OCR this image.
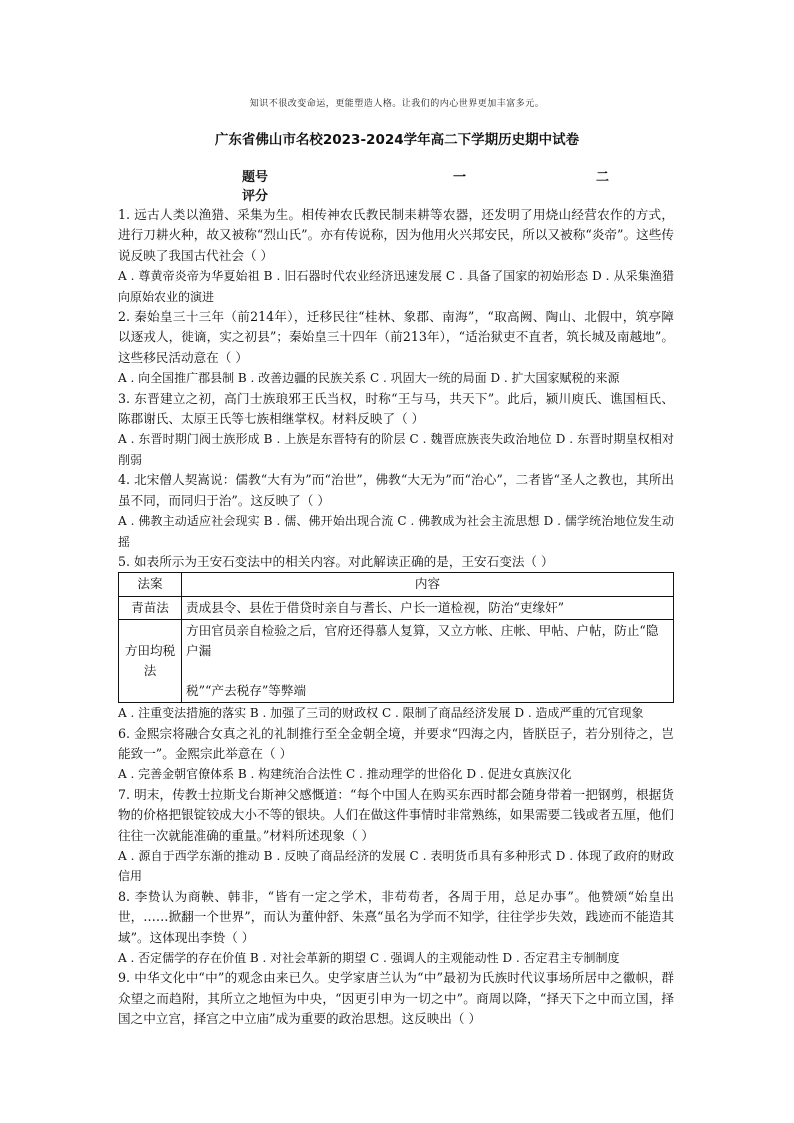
知识不很改变命运，更能塑造人格。让我们的内心世界更加丰富多元。
广东省佛山市名校2023-2024学年高二下学期历史期中试卷
题号	一	二
评分

1. 远古人类以渔猎、采集为生。相传神农氏教民制耒耕等农器，还发明了用烧山经营农作的方式，进行刀耕火种，故又被称“烈山氏”。亦有传说称，因为他用火兴邦安民，所以又被称“炎帝”。这些传说反映了我国古代社会（ ）

A . 尊黄帝炎帝为华夏始祖 B . 旧石器时代农业经济迅速发展 C . 具备了国家的初始形态 D . 从采集渔猎向原始农业的演进

2. 秦始皇三十三年（前214年），迁移民往“桂林、象郡、南海”，“取高阙、陶山、北假中，筑亭障以逐戎人，徙谪，实之初县”；秦始皇三十四年（前213年），“适治狱吏不直者，筑长城及南越地”。这些移民活动意在（ ）

A . 向全国推广郡县制 B . 改善边疆的民族关系 C . 巩固大一统的局面 D . 扩大国家赋税的来源

3. 东晋建立之初，高门士族琅邪王氏当权，时称“王与马，共天下”。此后，颍川庾氏、谯国桓氏、陈郡谢氏、太原王氏等七族相继掌权。材料反映了（ ）

A . 东晋时期门阀士族形成 B . 上族是东晋特有的阶层 C . 魏晋庶族丧失政治地位 D . 东晋时期皇权相对削弱

4. 北宋僧人契嵩说：儒教“大有为”而“治世”，佛教“大无为”而“治心”，二者皆“圣人之教也，其所出虽不同，而同归于治”。这反映了（ ）

A . 佛教主动适应社会现实 B . 儒、佛开始出现合流 C . 佛教成为社会主流思想 D . 儒学统治地位发生动摇

5. 如表所示为王安石变法中的相关内容。对此解读正确的是，王安石变法（ ）

法案	内容
青苗法	责成县令、县佐于借贷时亲自与耆长、户长一道检视，防治“吏缘奸”
方田均税法	方田官员亲自检验之后，官府还得慕人复算，又立方帐、庄帐、甲帖、户帖，防止“隐户漏
税”“产去税存”等弊端

A . 注重变法措施的落实 B . 加强了三司的财政权 C . 限制了商品经济发展 D . 造成严重的冗官现象

6. 金熙宗将融合女真之礼的礼制推行至全金朝全境，并要求“四海之内，皆朕臣子，若分别待之，岂能致一”。金熙宗此举意在（ ）

A . 完善金朝官僚体系 B . 构建统治合法性 C . 推动理学的世俗化 D . 促进女真族汉化

7. 明末，传教士拉斯戈台斯神父感慨道：“每个中国人在购买东西时都会随身带着一把钢剪，根据货物的价格把银锭铰成大小不等的银块。人们在做这件事情时非常熟练，如果需要二钱或者五厘，他们往往一次就能准确的重量。”材料所述现象（ ）

A . 源自于西学东渐的推动 B . 反映了商品经济的发展 C . 表明货币具有多种形式 D . 体现了政府的财政信用

8. 李贽认为商鞅、韩非，“皆有一定之学术，非苟苟者，各周于用，总足办事”。他赞颂“始皇出世，……掀翻一个世界”，而认为董仲舒、朱熹“虽名为学而不知学，往往学步失效，践迹而不能造其域”。这体现出李贽（ ）

A . 否定儒学的存在价值 B . 对社会革新的期望 C . 强调人的主观能动性 D . 否定君主专制制度

9. 中华文化中“中”的观念由来已久。史学家唐兰认为“中”最初为氏族时代议事场所居中之徽帜，群众望之而趋附，其所立之地恒为中央，“因更引申为一切之中”。商周以降，“择天下之中而立国，择国之中立宫，择宫之中立庙”成为重要的政治思想。这反映出（ ）
